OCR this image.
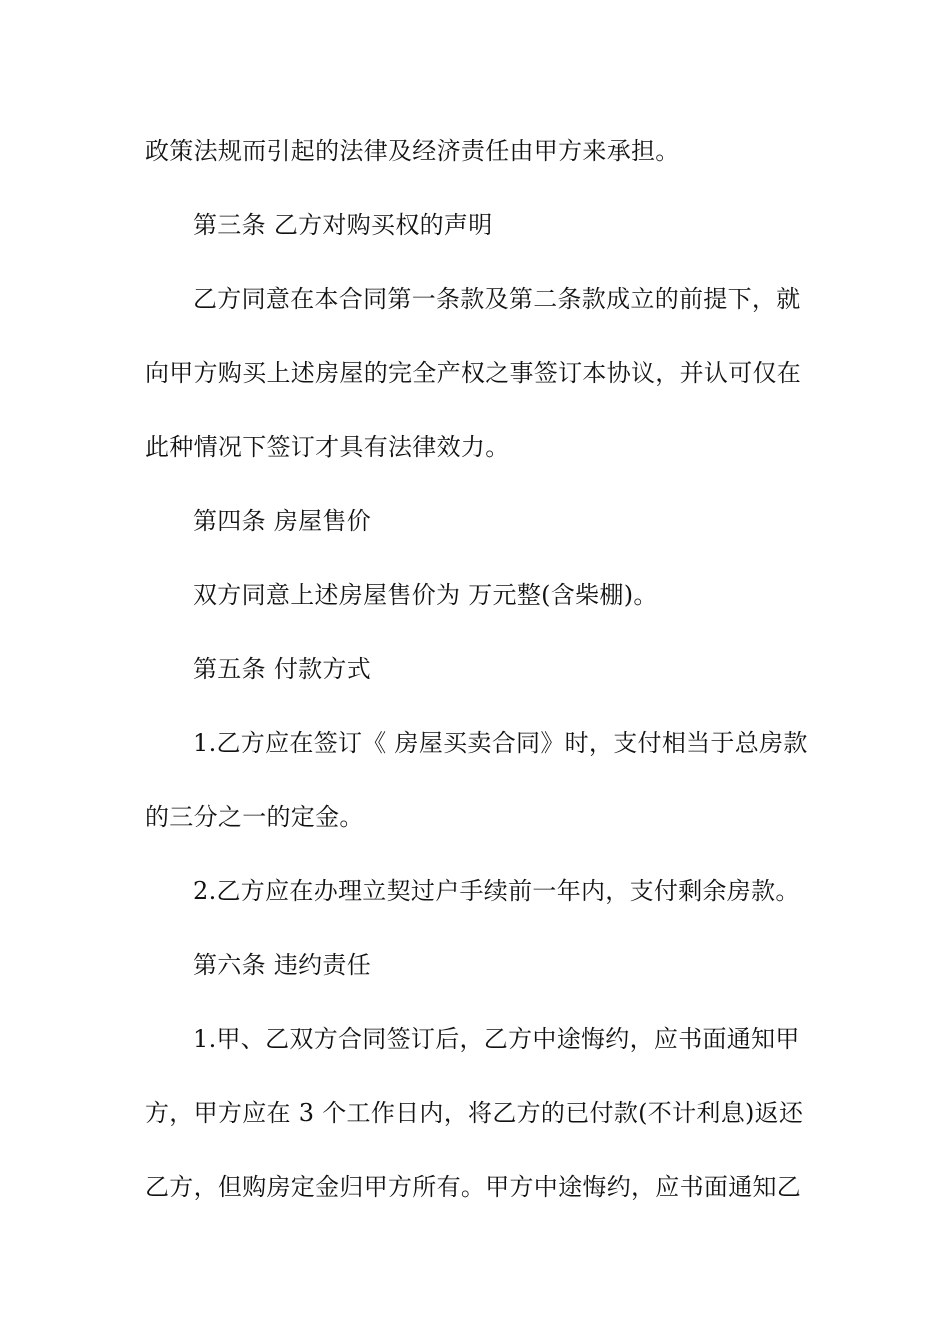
政策法规而引起的法律及经济责任由甲方来承担。
第三条 乙方对购买权的声明
乙方同意在本合同第一条款及第二条款成立的前提下，就
向甲方购买上述房屋的完全产权之事签订本协议，并认可仅在
此种情况下签订才具有法律效力。
第四条 房屋售价
双方同意上述房屋售价为 万元整(含柴棚)。
第五条 付款方式
1.乙方应在签订《 房屋买卖合同》时，支付相当于总房款
的三分之一的定金。
2.乙方应在办理立契过户手续前一年内，支付剩余房款。
第六条 违约责任
1.甲、乙双方合同签订后，乙方中途悔约，应书面通知甲
方，甲方应在 3 个工作日内，将乙方的已付款(不计利息)返还
乙方，但购房定金归甲方所有。甲方中途悔约，应书面通知乙
